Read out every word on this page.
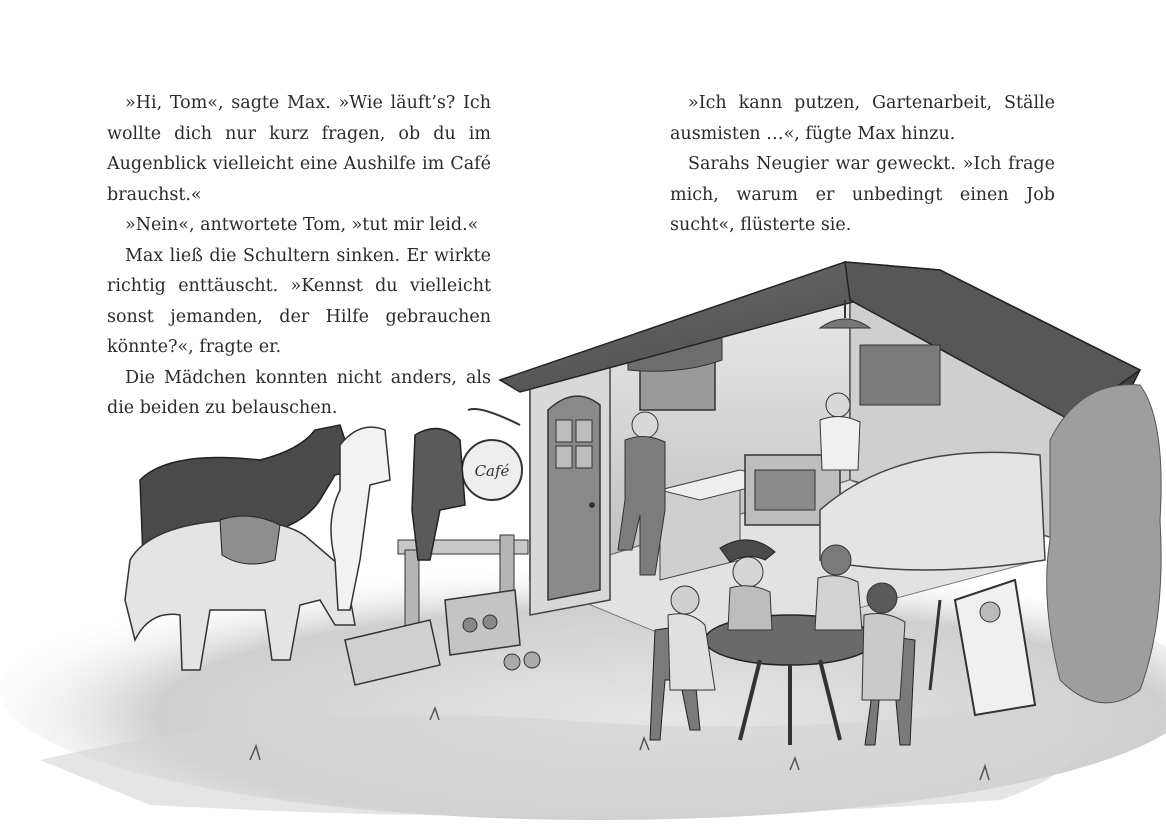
»Hi, Tom«, sagte Max. »Wie läuft’s? Ich wollte dich nur kurz fragen, ob du im Augenblick vielleicht eine Aushilfe im Café brauchst.«

»Nein«, antwortete Tom, »tut mir leid.«

Max ließ die Schultern sinken. Er wirkte richtig enttäuscht. »Kennst du vielleicht sonst jemanden, der Hilfe gebrauchen könnte?«, fragte er.

Die Mädchen konnten nicht anders, als die beiden zu belauschen.

»Ich kann putzen, Gartenarbeit, Ställe ausmisten …«, fügte Max hinzu.

Sarahs Neugier war geweckt. »Ich frage mich, warum er unbedingt einen Job sucht«, flüsterte sie.

Café
